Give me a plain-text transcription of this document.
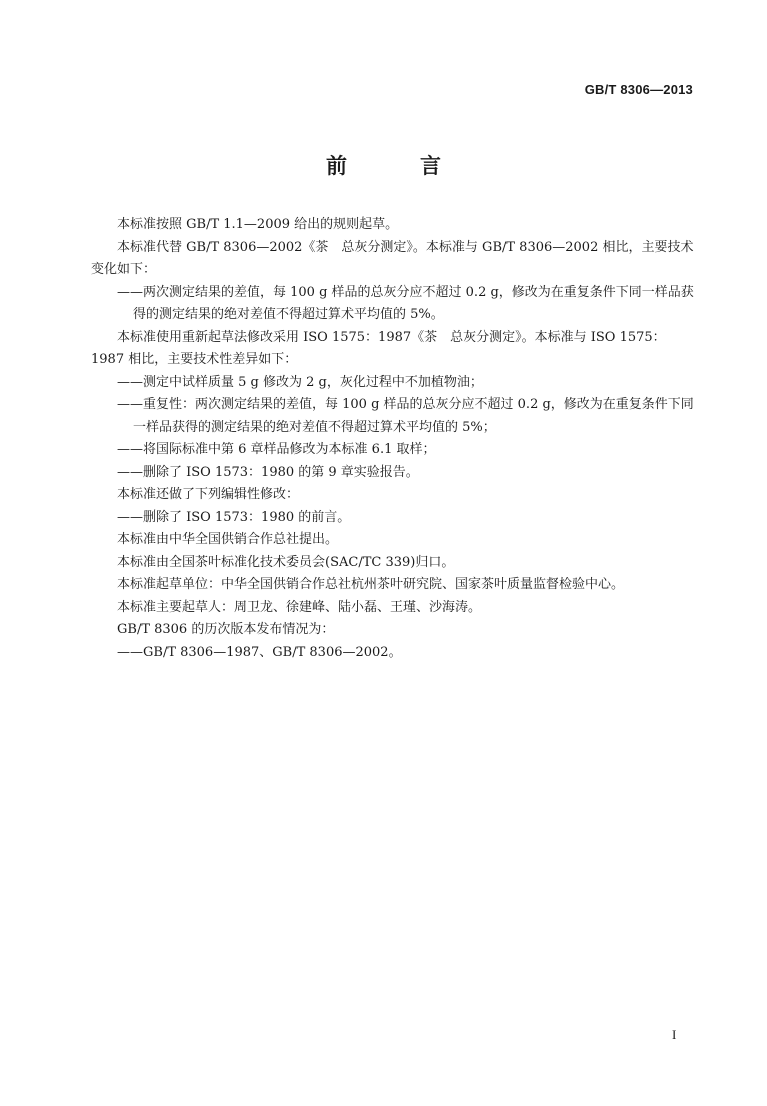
GB/T 8306—2013
前　言

本标准按照 GB/T 1.1—2009 给出的规则起草。

本标准代替 GB/T 8306—2002《茶　总灰分测定》。本标准与 GB/T 8306—2002 相比，主要技术变化如下：

——两次测定结果的差值，每 100 g 样品的总灰分应不超过 0.2 g，修改为在重复条件下同一样品获得的测定结果的绝对差值不得超过算术平均值的 5%。

本标准使用重新起草法修改采用 ISO 1575：1987《茶　总灰分测定》。本标准与 ISO 1575：1987 相比，主要技术性差异如下：

——测定中试样质量 5 g 修改为 2 g，灰化过程中不加植物油；

——重复性：两次测定结果的差值，每 100 g 样品的总灰分应不超过 0.2 g，修改为在重复条件下同一样品获得的测定结果的绝对差值不得超过算术平均值的 5%；

——将国际标准中第 6 章样品修改为本标准 6.1 取样；

——删除了 ISO 1573：1980 的第 9 章实验报告。

本标准还做了下列编辑性修改：

——删除了 ISO 1573：1980 的前言。

本标准由中华全国供销合作总社提出。

本标准由全国茶叶标准化技术委员会(SAC/TC 339)归口。

本标准起草单位：中华全国供销合作总社杭州茶叶研究院、国家茶叶质量监督检验中心。

本标准主要起草人：周卫龙、徐建峰、陆小磊、王瑾、沙海涛。

GB/T 8306 的历次版本发布情况为：

——GB/T 8306—1987、GB/T 8306—2002。

I
